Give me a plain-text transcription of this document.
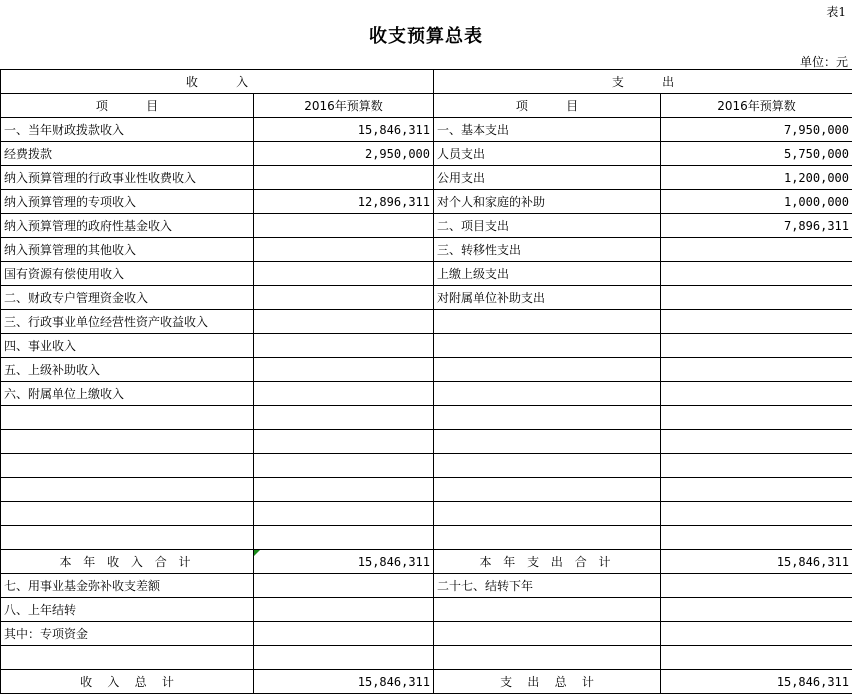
表1
收支预算总表
单位：元
收          入		支          出	
项          目	2016年预算数	项          目	2016年预算数
一、当年财政拨款收入	15,846,311	一、基本支出	7,950,000
经费拨款	2,950,000	人员支出	5,750,000
纳入预算管理的行政事业性收费收入		公用支出	1,200,000
纳入预算管理的专项收入	12,896,311	对个人和家庭的补助	1,000,000
纳入预算管理的政府性基金收入		二、项目支出	7,896,311
纳入预算管理的其他收入		三、转移性支出	
国有资源有偿使用收入		上缴上级支出	
二、财政专户管理资金收入		对附属单位补助支出	
三、行政事业单位经营性资产收益收入			
四、事业收入			
五、上级补助收入			
六、附属单位上缴收入			

本 年 收 入 合 计	15,846,311	本 年 支 出 合 计	15,846,311
七、用事业基金弥补收支差额		二十七、结转下年	
八、上年结转			
其中：专项资金			

收    入    总    计	15,846,311	支    出    总    计	15,846,311
